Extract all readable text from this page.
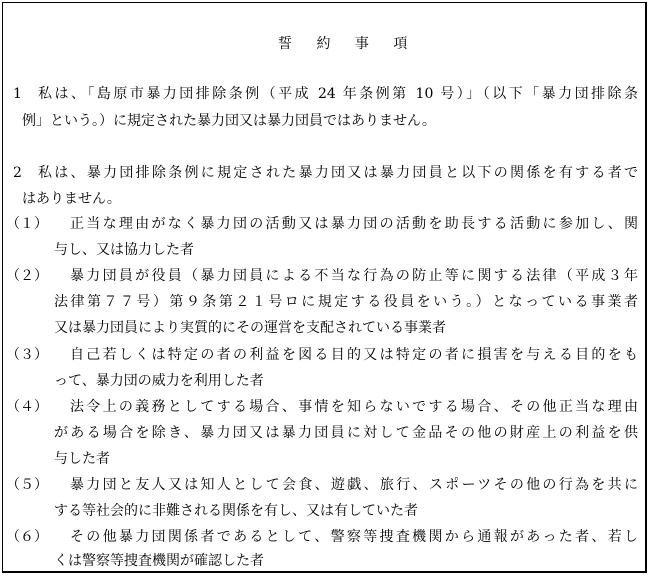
誓 約 事 項
1 私は、「島原市暴力団排除条例（平成 24 年条例第 10 号）」（以下「暴力団排除条
例」という。）に規定された暴力団又は暴力団員ではありません。
2 私は、暴力団排除条例に規定された暴力団又は暴力団員と以下の関係を有する者で
はありません。
（１） 正当な理由がなく暴力団の活動又は暴力団の活動を助長する活動に参加し、関
与し、又は協力した者
（２） 暴力団員が役員（暴力団員による不当な行為の防止等に関する法律（平成３年
法律第７７号）第９条第２１号ロに規定する役員をいう。）となっている事業者
又は暴力団員により実質的にその運営を支配されている事業者
（３） 自己若しくは特定の者の利益を図る目的又は特定の者に損害を与える目的をも
って、暴力団の威力を利用した者
（４） 法令上の義務としてする場合、事情を知らないでする場合、その他正当な理由
がある場合を除き、暴力団又は暴力団員に対して金品その他の財産上の利益を供
与した者
（５） 暴力団と友人又は知人として会食、遊戯、旅行、スポーツその他の行為を共に
する等社会的に非難される関係を有し、又は有していた者
（６） その他暴力団関係者であるとして、警察等捜査機関から通報があった者、若し
くは警察等捜査機関が確認した者
